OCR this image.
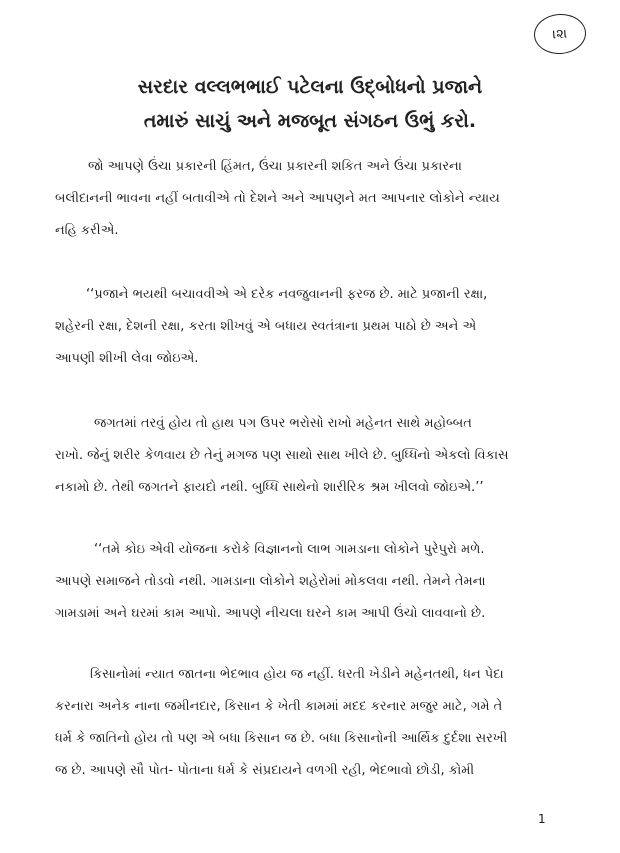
।૨।
સરદાર વલ્લભભાઈ પટેલના ઉદ્‌બોધનો પ્રજાને
તમારું સાચું અને મજબૂત સંગઠન ઉભું કરો.

જો આપણે ઉંચા પ્રકારની હિંમત, ઉંચા પ્રકારની શકિત અને ઉંચા પ્રકારના

બલીદાનની ભાવના નહીં બતાવીએ તો દેશને અને આપણને મત આપનાર લોકોને ન્યાય

નહિ કરીએ.

‘‘પ્રજાને ભયથી બચાવવીએ એ દરેક નવજુવાનની ફરજ છે. માટે પ્રજાની રક્ષા,

શહેરની રક્ષા, દેશની રક્ષા, કરતા શીખવું એ બધાય સ્વતંત્રાના પ્રથમ પાઠો છે અને એ

આપણી શીખી લેવા જોઇએ.

જગતમાં તરવું હોય તો હાથ પગ ઉપર ભરોસો રાખો મહેનત સાથે મહોબ્બત

રાખો. જેનું શરીર કેળવાય છે તેનું મગજ પણ સાથો સાથ ખીલે છે. બુધ્ધિનો એકલો વિકાસ

નકામો છે. તેથી જગતને ફાયદો નથી. બુધ્ધિ સાથેનો શારીરિક શ્રમ ખીલવો જોઇએ.’’

‘‘તમે કોઇ એવી યોજના કરોકે વિજ્ઞાનનો લાભ ગામડાના લોકોને પુરેપુરો મળે.

આપણે સમાજને તોડવો નથી. ગામડાના લોકોને શહેરોમાં મોકલવા નથી. તેમને તેમના

ગામડામાં અને ઘરમાં કામ આપો. આપણે નીચલા ઘરને કામ આપી ઉંચો લાવવાનો છે.

કિસાનોમાં ન્યાત જાતના ભેદભાવ હોય જ નહીં. ધરતી ખેડીને મહેનતથી, ધન પેદા

કરનારા અનેક નાના જમીનદાર, કિસાન કે ખેતી કામમાં મદદ કરનાર મજુર માટે, ગમે તે

ધર્મ કે જાતિનો હોય તો પણ એ બધા કિસાન જ છે. બધા કિસાનોની આર્થિક દુર્દશા સરખી

જ છે. આપણે સૌ પોત- પોતાના ધર્મ કે સંપ્રદાયને વળગી રહી, ભેદભાવો છોડી, કોમી

1
